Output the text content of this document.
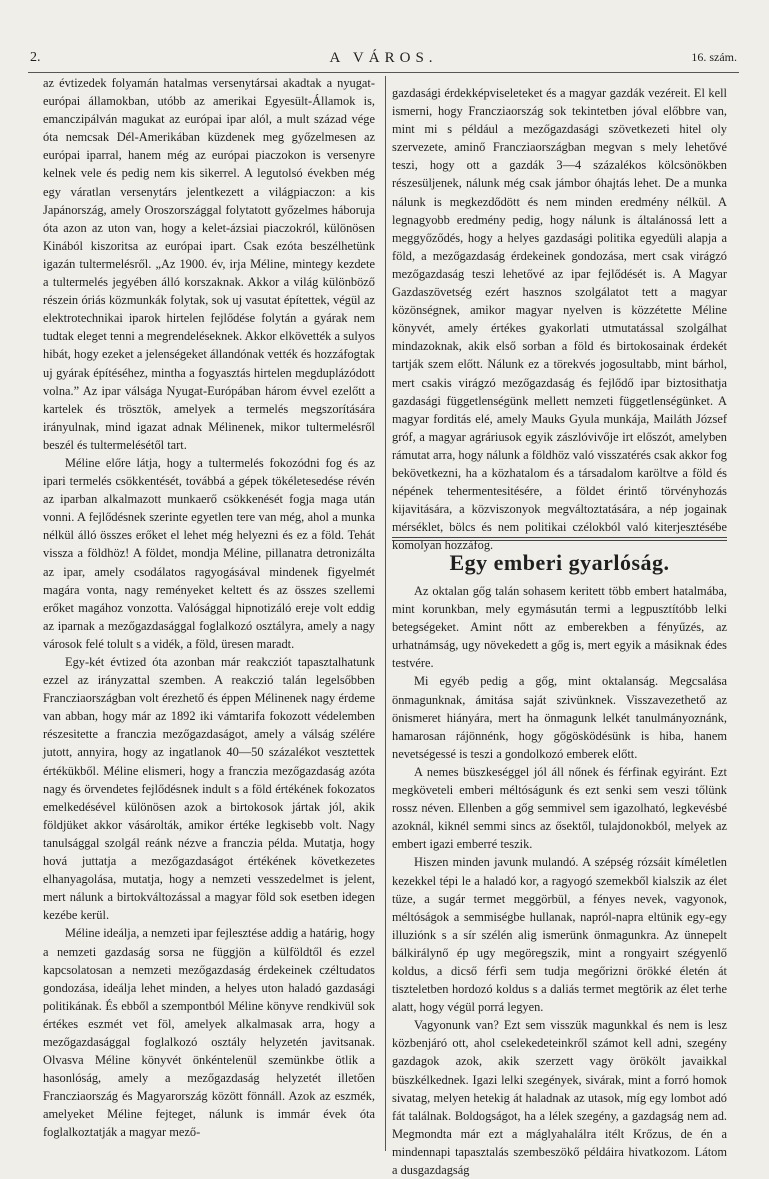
2.	A VÁROS.	16. szám.

az évtizedek folyamán hatalmas versenytársai akadtak a nyugat-európai államokban, utóbb az amerikai Egyesült-Államok is, emanczipálván magukat az európai ipar alól, a mult század vége óta nemcsak Dél-Amerikában küzdenek meg győzelmesen az európai iparral, hanem még az európai piaczokon is versenyre kelnek vele és pedig nem kis sikerrel. A legutolsó években még egy váratlan versenytárs jelentkezett a világpiaczon: a kis Japánország, amely Oroszországgal folytatott győzelmes háboruja óta azon az uton van, hogy a kelet-ázsiai piaczokról, különösen Kinából kiszoritsa az európai ipart. Csak ezóta beszélhetünk igazán tultermelésről. „Az 1900. év, irja Méline, mintegy kezdete a tultermelés jegyében álló korszaknak. Akkor a világ különböző részein óriás közmunkák folytak, sok uj vasutat építettek, végül az elektrotechnikai iparok hirtelen fejlődése folytán a gyárak nem tudtak eleget tenni a megrendeléseknek. Akkor elkövették a sulyos hibát, hogy ezeket a jelenségeket állandónak vették és hozzáfogtak uj gyárak építéséhez, mintha a fogyasztás hirtelen megduplázódott volna.” Az ipar válsága Nyugat-Európában három évvel ezelőtt a kartelek és trösztök, amelyek a termelés megszorítására irányulnak, mind igazat adnak Mélinenek, mikor tultermelésről beszél és tultermelésétől tart.

Méline előre látja, hogy a tultermelés fokozódni fog és az ipari termelés csökkentését, továbbá a gépek tökéletesedése révén az iparban alkalmazott munkaerő csökkenését fogja maga után vonni. A fejlődésnek szerinte egyetlen tere van még, ahol a munka nélkül álló összes erőket el lehet még helyezni és ez a föld. Tehát vissza a földhöz! A földet, mondja Méline, pillanatra detronizálta az ipar, amely csodálatos ragyogásával mindenek figyelmét magára vonta, nagy reményeket keltett és az összes szellemi erőket magához vonzotta. Valósággal hipnotizáló ereje volt eddig az iparnak a mezőgazdasággal foglalkozó osztályra, amely a nagy városok felé tolult s a vidék, a föld, üresen maradt.

Egy-két évtized óta azonban már reakcziót tapasztalhatunk ezzel az irányzattal szemben. A reakczió talán legelsőbben Francziaországban volt érezhető és éppen Mélinenek nagy érdeme van abban, hogy már az 1892 iki vámtarifa fokozott védelemben részesitette a franczia mezőgazdaságot, amely a válság szélére jutott, annyira, hogy az ingatlanok 40—50 százalékot vesztettek értékükből. Méline elismeri, hogy a franczia mezőgazdaság azóta nagy és örvendetes fejlődésnek indult s a föld értékének fokozatos emelkedésével különösen azok a birtokosok jártak jól, akik földjüket akkor vásárolták, amikor értéke legkisebb volt. Nagy tanulsággal szolgál reánk nézve a franczia példa. Mutatja, hogy hová juttatja a mezőgazdaságot értékének következetes elhanyagolása, mutatja, hogy a nemzeti vesszedelmet is jelent, mert nálunk a birtokváltozással a magyar föld sok esetben idegen kezébe kerül.

Méline ideálja, a nemzeti ipar fejlesztése addig a határig, hogy a nemzeti gazdaság sorsa ne függjön a külföldtől és ezzel kapcsolatosan a nemzeti mezőgazdaság érdekeinek czéltudatos gondozása, ideálja lehet minden, a helyes uton haladó gazdasági politikának. És ebből a szempontból Méline könyve rendkivül sok értékes eszmét vet föl, amelyek alkalmasak arra, hogy a mezőgazdasággal foglalkozó osztály helyzetén javitsanak. Olvasva Méline könyvét önkéntelenül szemünkbe ötlik a hasonlóság, amely a mezőgazdaság helyzetét illetően Francziaország és Magyarország között fönnáll. Azok az eszmék, amelyeket Méline fejteget, nálunk is immár évek óta foglalkoztatják a magyar mező-

gazdasági érdekképviseleteket és a magyar gazdák vezéreit. El kell ismerni, hogy Francziaország sok tekintetben jóval előbbre van, mint mi s például a mezőgazdasági szövetkezeti hitel oly szervezete, aminő Francziaországban megvan s mely lehetővé teszi, hogy ott a gazdák 3—4 százalékos kölcsönökben részesüljenek, nálunk még csak jámbor óhajtás lehet. De a munka nálunk is megkezdődött és nem minden eredmény nélkül. A legnagyobb eredmény pedig, hogy nálunk is általánossá lett a meggyőződés, hogy a helyes gazdasági politika egyedüli alapja a föld, a mezőgazdaság érdekeinek gondozása, mert csak virágzó mezőgazdaság teszi lehetővé az ipar fejlődését is. A Magyar Gazdaszövetség ezért hasznos szolgálatot tett a magyar közönségnek, amikor magyar nyelven is közzétette Méline könyvét, amely értékes gyakorlati utmutatással szolgálhat mindazoknak, akik első sorban a föld és birtokosainak érdekét tartják szem előtt. Nálunk ez a törekvés jogosultabb, mint bárhol, mert csakis virágzó mezőgazdaság és fejlődő ipar biztosithatja gazdasági függetlenségünk mellett nemzeti függetlenségünket. A magyar forditás elé, amely Mauks Gyula munkája, Mailáth József gróf, a magyar agráriusok egyik zászlóvivője irt előszót, amelyben rámutat arra, hogy nálunk a földhöz való visszatérés csak akkor fog bekövetkezni, ha a közhatalom és a társadalom karöltve a föld és népének tehermentesitésére, a földet érintő törvényhozás kijavitására, a közviszonyok megváltoztatására, a nép jogainak mérséklet, bölcs és nem politikai czélokból való kiterjesztésébe komolyan hozzáfog.

Egy emberi gyarlóság.

Az oktalan gőg talán sohasem keritett több embert hatalmába, mint korunkban, mely egymásután termi a legpusztítóbb lelki betegségeket. Amint nőtt az emberekben a fényűzés, az urhatnámság, ugy növekedett a gőg is, mert egyik a másiknak édes testvére.

Mi egyéb pedig a gőg, mint oktalanság. Megcsalása önmagunknak, ámitása saját szivünknek. Visszavezethető az önismeret hiányára, mert ha önmagunk lelkét tanulmányoznánk, hamarosan rájönnénk, hogy gőgösködésünk is hiba, hanem nevetségessé is teszi a gondolkozó emberek előtt.

A nemes büszkeséggel jól áll nőnek és férfinak egyiránt. Ezt megköveteli emberi méltóságunk és ezt senki sem veszi tőlünk rossz néven. Ellenben a gőg semmivel sem igazolható, legkevésbé azoknál, kiknél semmi sincs az ősektől, tulajdonokból, melyek az embert igazi emberré teszik.

Hiszen minden javunk mulandó. A szépség rózsáit kíméletlen kezekkel tépi le a haladó kor, a ragyogó szemekből kialszik az élet tüze, a sugár termet meggörbül, a fényes nevek, vagyonok, méltóságok a semmiségbe hullanak, napról-napra eltünik egy-egy illuziónk s a sír szélén alig ismerünk önmagunkra. Az ünnepelt bálkirálynő ép ugy megöregszik, mint a rongyairt szégyenlő koldus, a dicső férfi sem tudja megőrizni örökké életén át tiszteletben hordozó koldus s a daliás termet megtörik az élet terhe alatt, hogy végül porrá legyen.

Vagyonunk van? Ezt sem visszük magunkkal és nem is lesz közbenjáró ott, ahol cselekedeteinkről számot kell adni, szegény gazdagok azok, akik szerzett vagy örökölt javaikkal büszkélkednek. Igazi lelki szegények, sivárak, mint a forró homok sivatag, melyen hetekig át haladnak az utasok, míg egy lombot adó fát találnak. Boldogságot, ha a lélek szegény, a gazdagság nem ad. Megmondta már ezt a máglyahalálra itélt Krőzus, de én a mindennapi tapasztalás szembeszökő példáira hivatkozom. Látom a dusgazdagság
